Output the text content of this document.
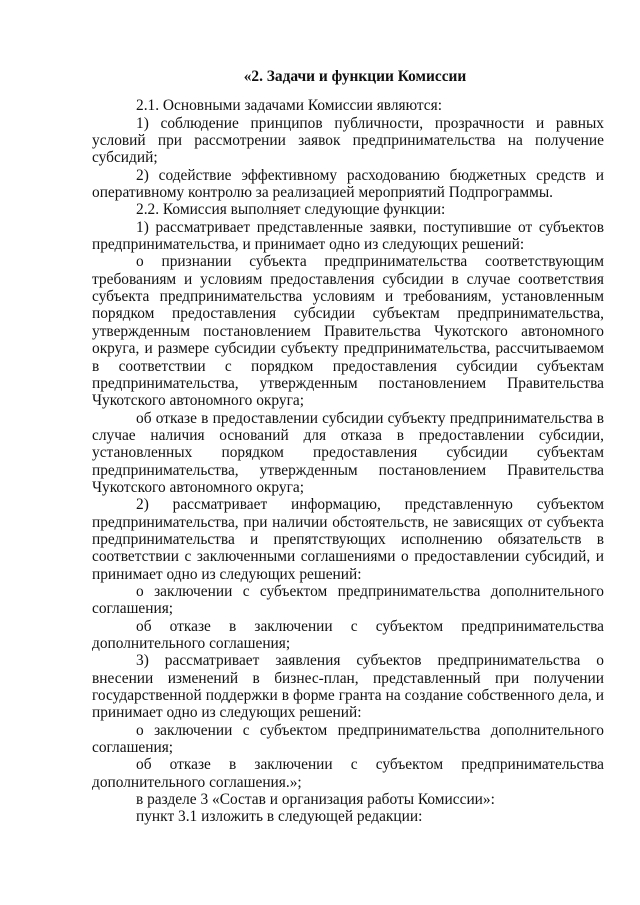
«2. Задачи и функции Комиссии
2.1. Основными задачами Комиссии являются:
1) соблюдение принципов публичности, прозрачности и равных условий при рассмотрении заявок предпринимательства на получение субсидий;
2) содействие эффективному расходованию бюджетных средств и оперативному контролю за реализацией мероприятий Подпрограммы.
2.2. Комиссия выполняет следующие функции:
1) рассматривает представленные заявки, поступившие от субъектов предпринимательства, и принимает одно из следующих решений:
о признании субъекта предпринимательства соответствующим требованиям и условиям предоставления субсидии в случае соответствия субъекта предпринимательства условиям и требованиям, установленным порядком предоставления субсидии субъектам предпринимательства, утвержденным постановлением Правительства Чукотского автономного округа, и размере субсидии субъекту предпринимательства, рассчитываемом в соответствии с порядком предоставления субсидии субъектам предпринимательства, утвержденным постановлением Правительства Чукотского автономного округа;
об отказе в предоставлении субсидии субъекту предпринимательства в случае наличия оснований для отказа в предоставлении субсидии, установленных порядком предоставления субсидии субъектам предпринимательства, утвержденным постановлением Правительства Чукотского автономного округа;
2) рассматривает информацию, представленную субъектом предпринимательства, при наличии обстоятельств, не зависящих от субъекта предпринимательства и препятствующих исполнению обязательств в соответствии с заключенными соглашениями о предоставлении субсидий, и принимает одно из следующих решений:
о заключении с субъектом предпринимательства дополнительного соглашения;
об отказе в заключении с субъектом предпринимательства дополнительного соглашения;
3) рассматривает заявления субъектов предпринимательства о внесении изменений в бизнес-план, представленный при получении государственной поддержки в форме гранта на создание собственного дела, и принимает одно из следующих решений:
о заключении с субъектом предпринимательства дополнительного соглашения;
об отказе в заключении с субъектом предпринимательства дополнительного соглашения.»;
в разделе 3 «Состав и организация работы Комиссии»:
пункт 3.1 изложить в следующей редакции:
